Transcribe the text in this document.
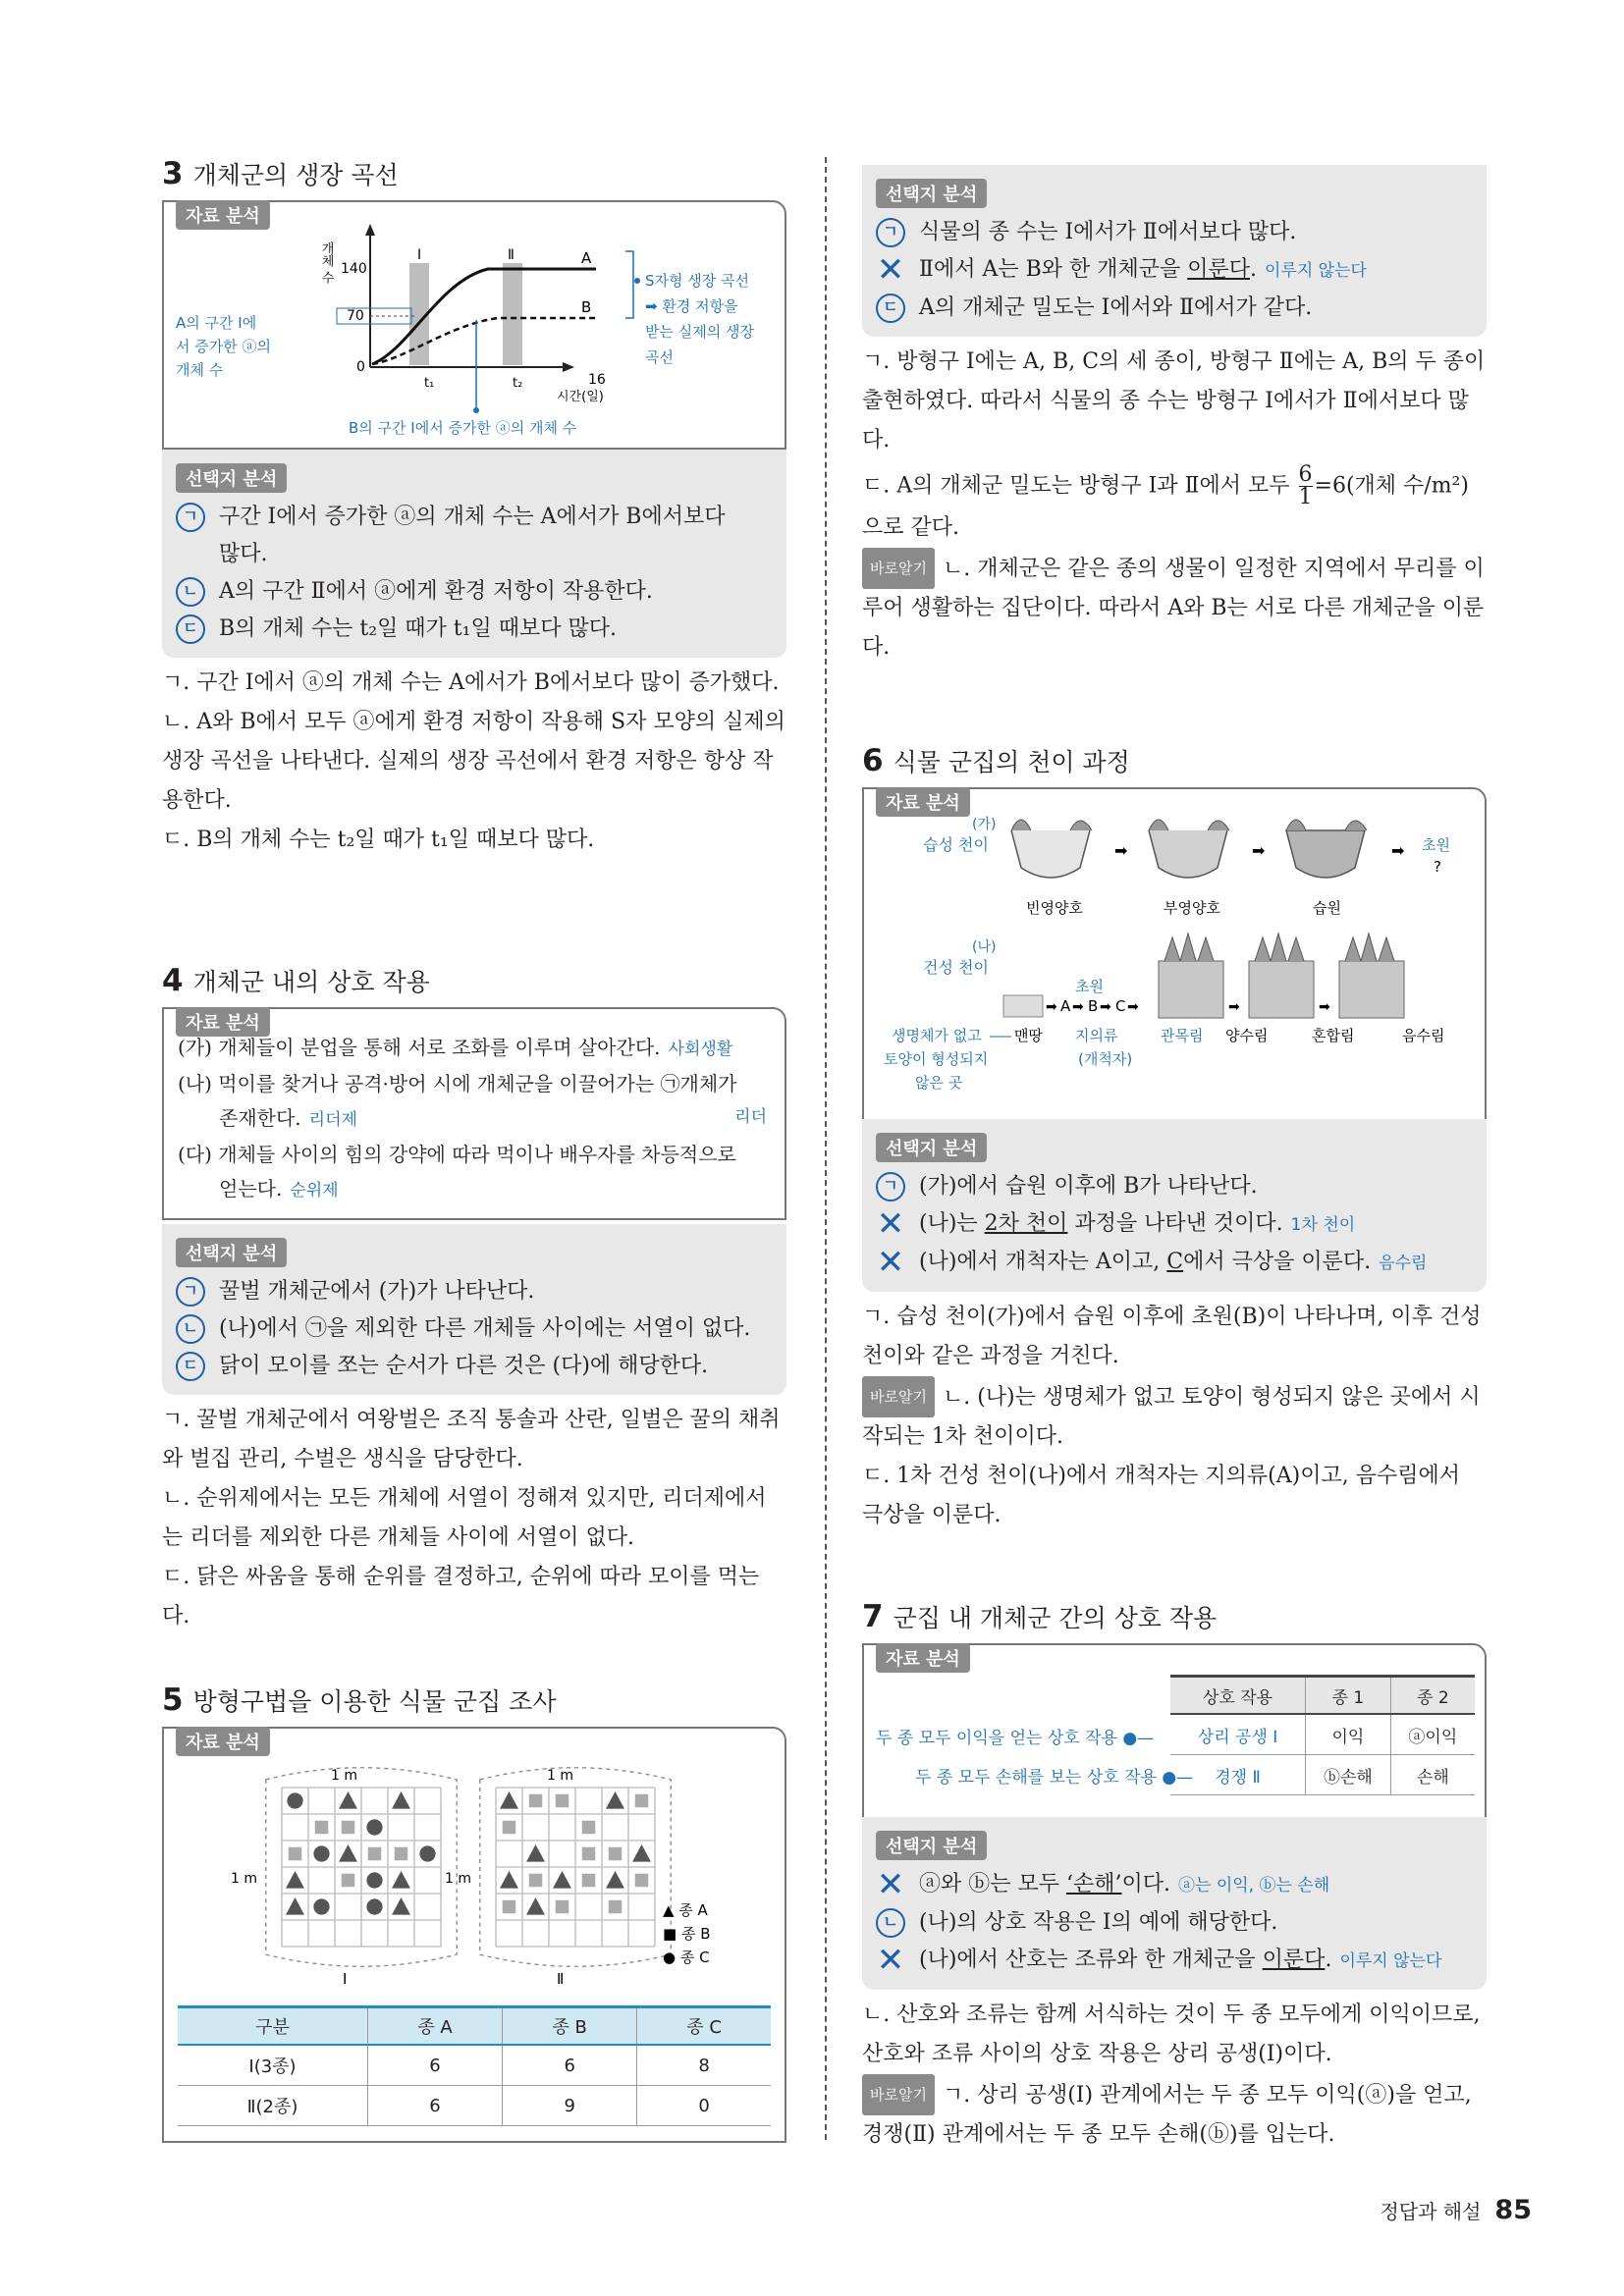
3 개체군의 생장 곡선
자료 분석
개체 수 140
70
0
Ⅰ	Ⅱ	A
B
t₁	t₂	16
시간(일)
A의 구간 Ⅰ에
서 증가한 ⓐ의
개체 수
S자형 생장 곡선
➡ 환경 저항을
받는 실제의 생장
곡선
B의 구간 Ⅰ에서 증가한 ⓐ의 개체 수
선택지 분석
ㄱ 구간 Ⅰ에서 증가한 ⓐ의 개체 수는 A에서가 B에서보다
많다.
ㄴ A의 구간 Ⅱ에서 ⓐ에게 환경 저항이 작용한다.
ㄷ B의 개체 수는 t₂일 때가 t₁일 때보다 많다.

ㄱ. 구간 Ⅰ에서 ⓐ의 개체 수는 A에서가 B에서보다 많이 증가했다.

ㄴ. A와 B에서 모두 ⓐ에게 환경 저항이 작용해 S자 모양의 실제의 생장 곡선을 나타낸다. 실제의 생장 곡선에서 환경 저항은 항상 작용한다.

ㄷ. B의 개체 수는 t₂일 때가 t₁일 때보다 많다.

4 개체군 내의 상호 작용
자료 분석
(가) 개체들이 분업을 통해 서로 조화를 이루며 살아간다. 사회생활
(나) 먹이를 찾거나 공격·방어 시에 개체군을 이끌어가는 ㉠개체가
존재한다. 리더제	리더
(다) 개체들 사이의 힘의 강약에 따라 먹이나 배우자를 차등적으로
얻는다. 순위제
선택지 분석
ㄱ 꿀벌 개체군에서 (가)가 나타난다.
ㄴ (나)에서 ㉠을 제외한 다른 개체들 사이에는 서열이 없다.
ㄷ 닭이 모이를 쪼는 순서가 다른 것은 (다)에 해당한다.

ㄱ. 꿀벌 개체군에서 여왕벌은 조직 통솔과 산란, 일벌은 꿀의 채취와 벌집 관리, 수벌은 생식을 담당한다.

ㄴ. 순위제에서는 모든 개체에 서열이 정해져 있지만, 리더제에서는 리더를 제외한 다른 개체들 사이에 서열이 없다.

ㄷ. 닭은 싸움을 통해 순위를 결정하고, 순위에 따라 모이를 먹는다.

5 방형구법을 이용한 식물 군집 조사
자료 분석
1 m	1 m
1 m	1 m
Ⅰ	Ⅱ
▲ 종 A
■ 종 B
● 종 C
구분	종 A	종 B	종 C
Ⅰ(3종)	6	6	8
Ⅱ(2종)	6	9	0
선택지 분석
ㄱ 식물의 종 수는 Ⅰ에서가 Ⅱ에서보다 많다.
✕ Ⅱ에서 A는 B와 한 개체군을 이룬다. 이루지 않는다
ㄷ A의 개체군 밀도는 Ⅰ에서와 Ⅱ에서가 같다.

ㄱ. 방형구 Ⅰ에는 A, B, C의 세 종이, 방형구 Ⅱ에는 A, B의 두 종이 출현하였다. 따라서 식물의 종 수는 방형구 Ⅰ에서가 Ⅱ에서보다 많다.

ㄷ. A의 개체군 밀도는 방형구 Ⅰ과 Ⅱ에서 모두 $\frac{6}{1} =6$(개체 수/m²)
으로 같다.

바로알기 ㄴ. 개체군은 같은 종의 생물이 일정한 지역에서 무리를 이루어 생활하는 집단이다. 따라서 A와 B는 서로 다른 개체군을 이룬다.

6 식물 군집의 천이 과정
자료 분석
(가)
습성 천이	➡	➡	➡ 초원
?
빈영양호	부영양호	습원
(나)
건성 천이
➡ A ➡ B ➡ C ➡
초원
➡	➡
생명체가 없고
토양이 형성되지
않은 곳
맨땅 지의류
(개척자)
관목림 양수림	혼합림	음수림
선택지 분석
ㄱ (가)에서 습원 이후에 B가 나타난다.
✕ (나)는 2차 천이 과정을 나타낸 것이다. 1차 천이
✕ (나)에서 개척자는 A이고, C에서 극상을 이룬다. 음수림

ㄱ. 습성 천이(가)에서 습원 이후에 초원(B)이 나타나며, 이후 건성 천이와 같은 과정을 거친다.

바로알기 ㄴ. (나)는 생명체가 없고 토양이 형성되지 않은 곳에서 시작되는 1차 천이이다.

ㄷ. 1차 건성 천이(나)에서 개척자는 지의류(A)이고, 음수림에서 극상을 이룬다.

7 군집 내 개체군 간의 상호 작용
자료 분석
두 종 모두 이익을 얻는 상호 작용 ●—
두 종 모두 손해를 보는 상호 작용 ●—
상호 작용	종 1	종 2
상리 공생 Ⅰ	이익	ⓐ이익
경쟁 Ⅱ	ⓑ손해	손해
선택지 분석
✕ ⓐ와 ⓑ는 모두 ‘손해’이다. ⓐ는 이익, ⓑ는 손해
ㄴ (나)의 상호 작용은 Ⅰ의 예에 해당한다.
✕ (나)에서 산호는 조류와 한 개체군을 이룬다. 이루지 않는다

ㄴ. 산호와 조류는 함께 서식하는 것이 두 종 모두에게 이익이므로, 산호와 조류 사이의 상호 작용은 상리 공생(Ⅰ)이다.

바로알기 ㄱ. 상리 공생(Ⅰ) 관계에서는 두 종 모두 이익(ⓐ)을 얻고, 경쟁(Ⅱ) 관계에서는 두 종 모두 손해(ⓑ)를 입는다.

정답과 해설 85
